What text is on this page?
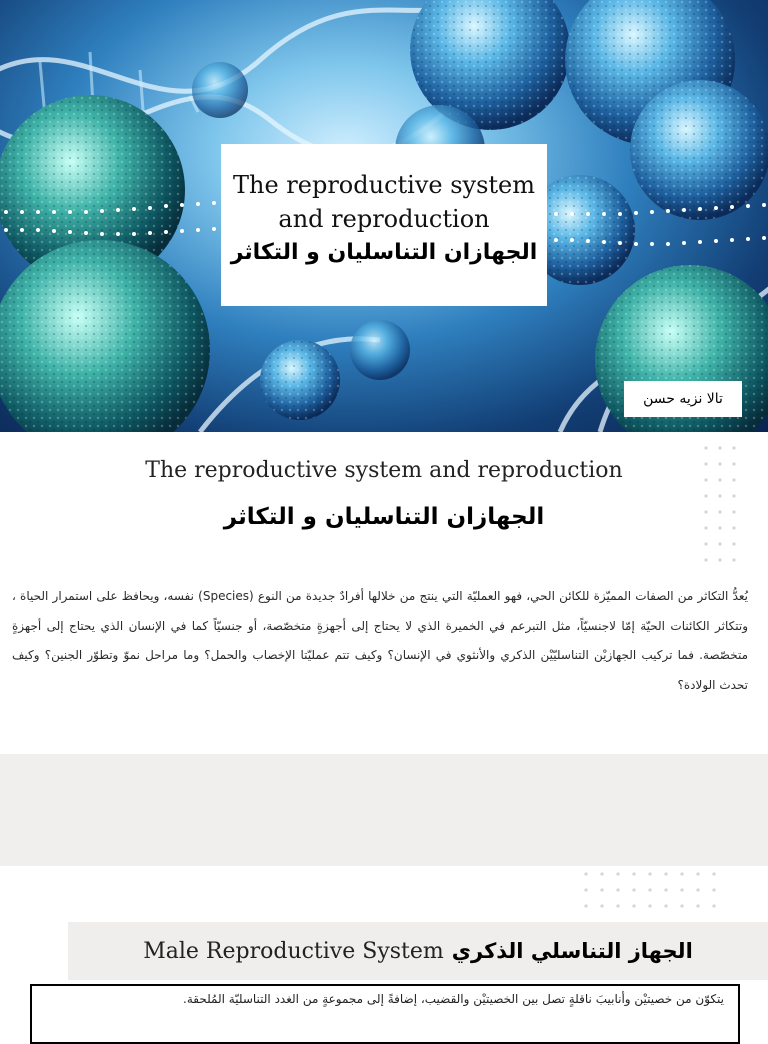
The reproductive system and reproduction
الجهازان التناسليان و التكاثر
تالا نزيه حسن
The reproductive system and reproduction
الجهازان التناسليان و التكاثر
يُعدُّ التكاثر من الصفات المميّزة للكائن الحي، فهو العمليّة التي ينتج من خلالها أفرادٌ جديدة من النوع (Species) نفسه، ويحافظ على استمرار الحياة ، وتتكاثر الكائنات الحيّة إمّا لاجنسيّاً، مثل التبرعم في الخميرة الذي لا يحتاج إلى أجهزةٍ متخصّصة، أو جنسيّاً كما في الإنسان الذي يحتاج إلى أجهزةٍ متخصّصة. فما تركيب الجهازيْن التناسليّيْن الذكري والأنثوي في الإنسان؟ وكيف تتم عمليّتا الإخصاب والحمل؟ وما مراحل نموّ وتطوّر الجنين؟ وكيف تحدث الولادة؟
Male Reproductive System الجهاز التناسلي الذكري
يتكوّن من خصيتيْن وأنابيبَ ناقلةٍ تصل بين الخصيتيْن والقضيب، إضافةً إلى مجموعةٍ من الغدد التناسليّة المُلحقة.
